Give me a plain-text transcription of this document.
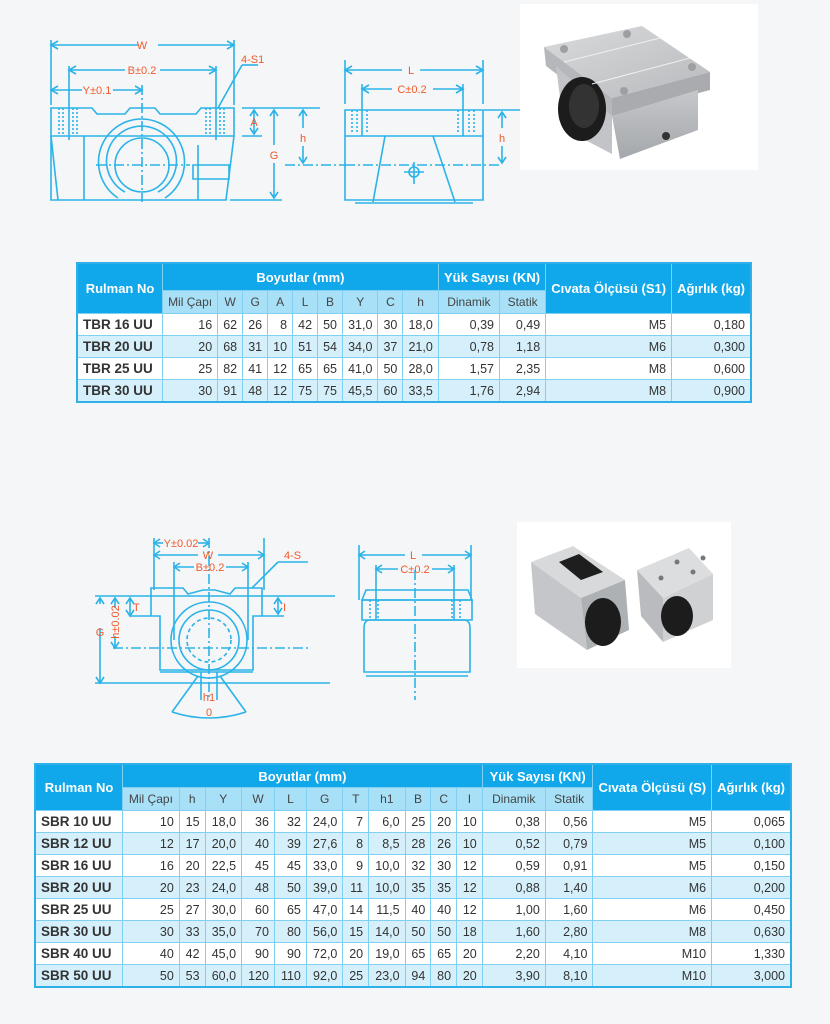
W
B±0.2
Y±0.1
4-S1
A
G
h
L
C±0.2
h
Rulman No	Boyutlar (mm)									Yük Sayısı (KN)		Cıvata Ölçüsü (S1)	Ağırlık (kg)
	Mil Çapı	W	G	A	L	B	Y	C	h	Dinamik	Statik		
TBR 16 UU	16	62	26	8	42	50	31,0	30	18,0	0,39	0,49	M5	0,180
TBR 20 UU	20	68	31	10	51	54	34,0	37	21,0	0,78	1,18	M6	0,300
TBR 25 UU	25	82	41	12	65	65	41,0	50	28,0	1,57	2,35	M8	0,600
TBR 30 UU	30	91	48	12	75	75	45,5	60	33,5	1,76	2,94	M8	0,900
Y±0.02
W
B±0.2
4-S
T
h±0.02
G
I
h1
0
L
C±0.2
Rulman No	Boyutlar (mm)											Yük Sayısı (KN)		Cıvata Ölçüsü (S)	Ağırlık (kg)
	Mil Çapı	h	Y	W	L	G	T	h1	B	C	I	Dinamik	Statik		
SBR 10 UU	10	15	18,0	36	32	24,0	7	6,0	25	20	10	0,38	0,56	M5	0,065
SBR 12 UU	12	17	20,0	40	39	27,6	8	8,5	28	26	10	0,52	0,79	M5	0,100
SBR 16 UU	16	20	22,5	45	45	33,0	9	10,0	32	30	12	0,59	0,91	M5	0,150
SBR 20 UU	20	23	24,0	48	50	39,0	11	10,0	35	35	12	0,88	1,40	M6	0,200
SBR 25 UU	25	27	30,0	60	65	47,0	14	11,5	40	40	12	1,00	1,60	M6	0,450
SBR 30 UU	30	33	35,0	70	80	56,0	15	14,0	50	50	18	1,60	2,80	M8	0,630
SBR 40 UU	40	42	45,0	90	90	72,0	20	19,0	65	65	20	2,20	4,10	M10	1,330
SBR 50 UU	50	53	60,0	120	110	92,0	25	23,0	94	80	20	3,90	8,10	M10	3,000
